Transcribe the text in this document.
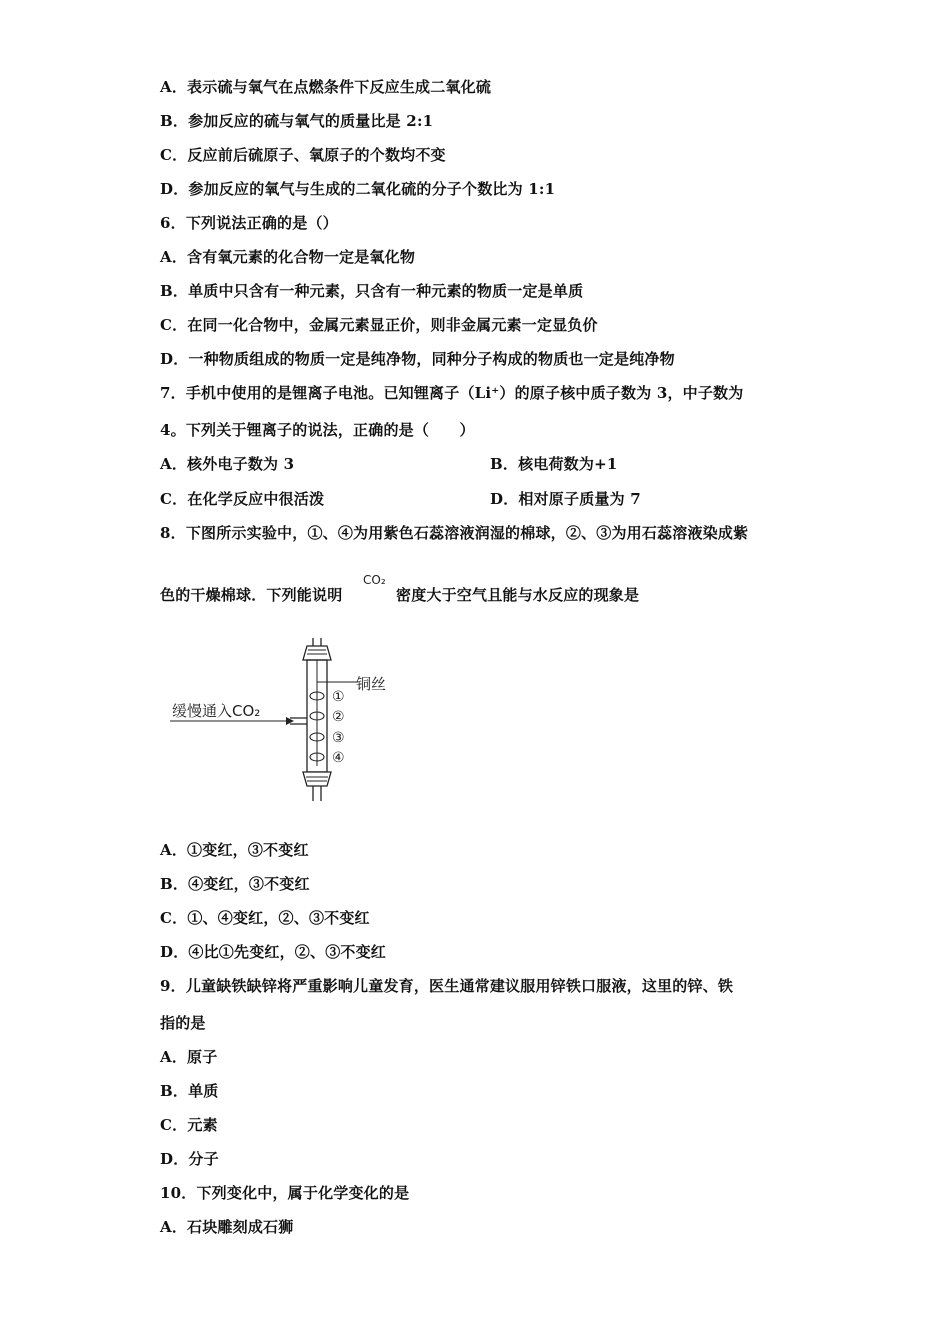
A．表示硫与氧气在点燃条件下反应生成二氧化硫
B．参加反应的硫与氧气的质量比是 2:1
C．反应前后硫原子、氧原子的个数均不变
D．参加反应的氧气与生成的二氧化硫的分子个数比为 1:1
6．下列说法正确的是（）
A．含有氧元素的化合物一定是氧化物
B．单质中只含有一种元素，只含有一种元素的物质一定是单质
C．在同一化合物中，金属元素显正价，则非金属元素一定显负价
D．一种物质组成的物质一定是纯净物，同种分子构成的物质也一定是纯净物
7．手机中使用的是锂离子电池。已知锂离子（Li⁺）的原子核中质子数为 3，中子数为
4。下列关于锂离子的说法，正确的是（　　）
A．核外电子数为 3	B．核电荷数为+1
C．在化学反应中很活泼	D．相对原子质量为 7
8．下图所示实验中，①、④为用紫色石蕊溶液润湿的棉球，②、③为用石蕊溶液染成紫
色的干燥棉球．下列能说明
CO₂
密度大于空气且能与水反应的现象是
缓慢通入CO₂
铜丝
①
②
③
④
A．①变红，③不变红
B．④变红，③不变红
C．①、④变红，②、③不变红
D．④比①先变红，②、③不变红
9．儿童缺铁缺锌将严重影响儿童发育，医生通常建议服用锌铁口服液，这里的锌、铁
指的是
A．原子
B．单质
C．元素
D．分子
10．下列变化中，属于化学变化的是
A．石块雕刻成石狮
